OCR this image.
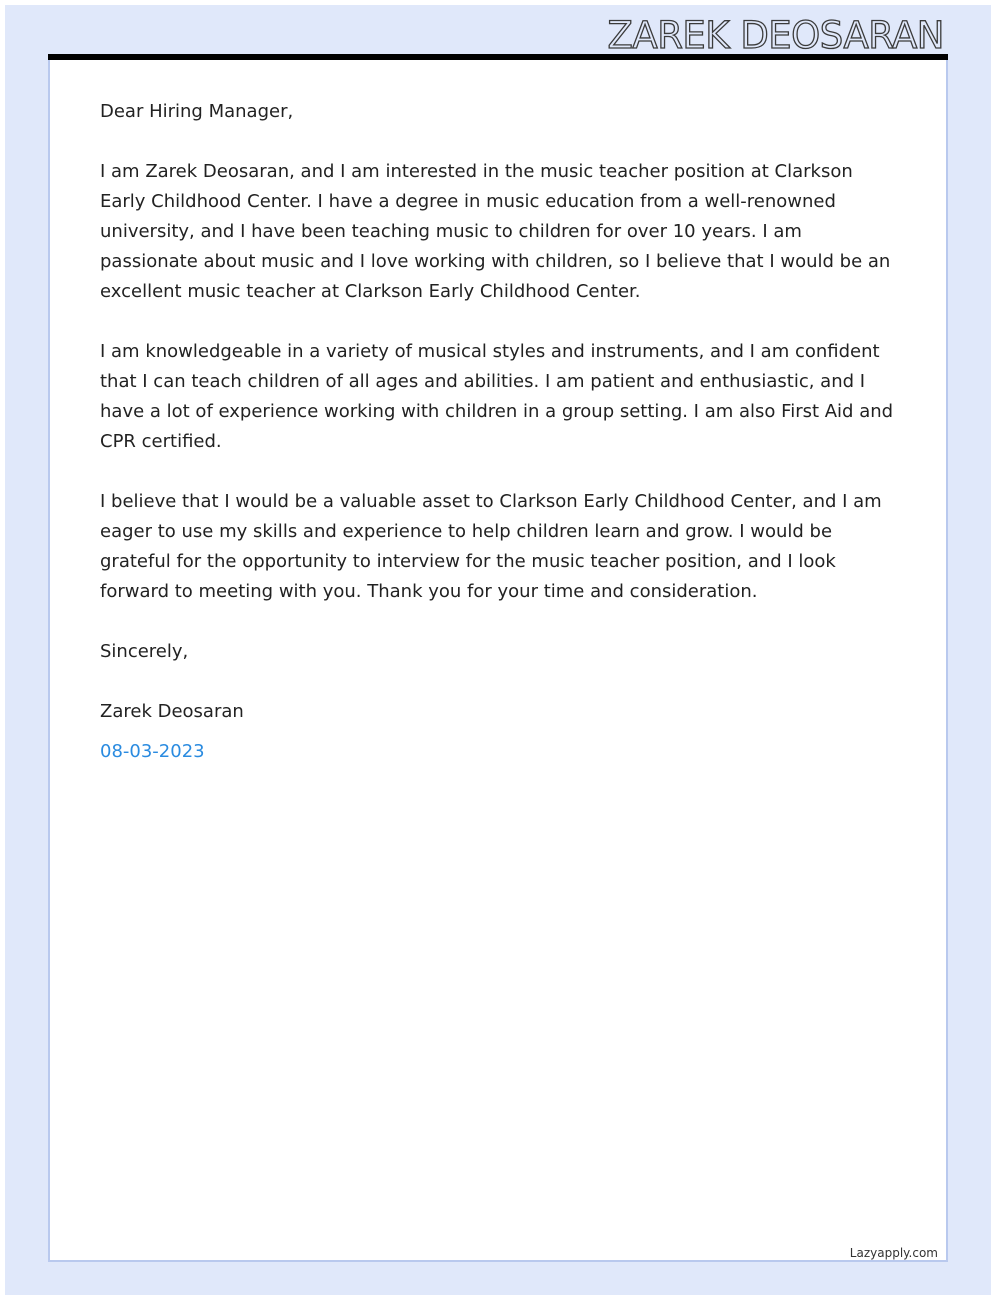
ZAREK DEOSARAN

Dear Hiring Manager,

I am Zarek Deosaran, and I am interested in the music teacher position at Clarkson Early Childhood Center. I have a degree in music education from a well-renowned university, and I have been teaching music to children for over 10 years. I am passionate about music and I love working with children, so I believe that I would be an excellent music teacher at Clarkson Early Childhood Center.

I am knowledgeable in a variety of musical styles and instruments, and I am confident that I can teach children of all ages and abilities. I am patient and enthusiastic, and I have a lot of experience working with children in a group setting. I am also First Aid and CPR certified.

I believe that I would be a valuable asset to Clarkson Early Childhood Center, and I am eager to use my skills and experience to help children learn and grow. I would be grateful for the opportunity to interview for the music teacher position, and I look forward to meeting with you. Thank you for your time and consideration.

Sincerely,

Zarek Deosaran

08-03-2023

Lazyapply.com
